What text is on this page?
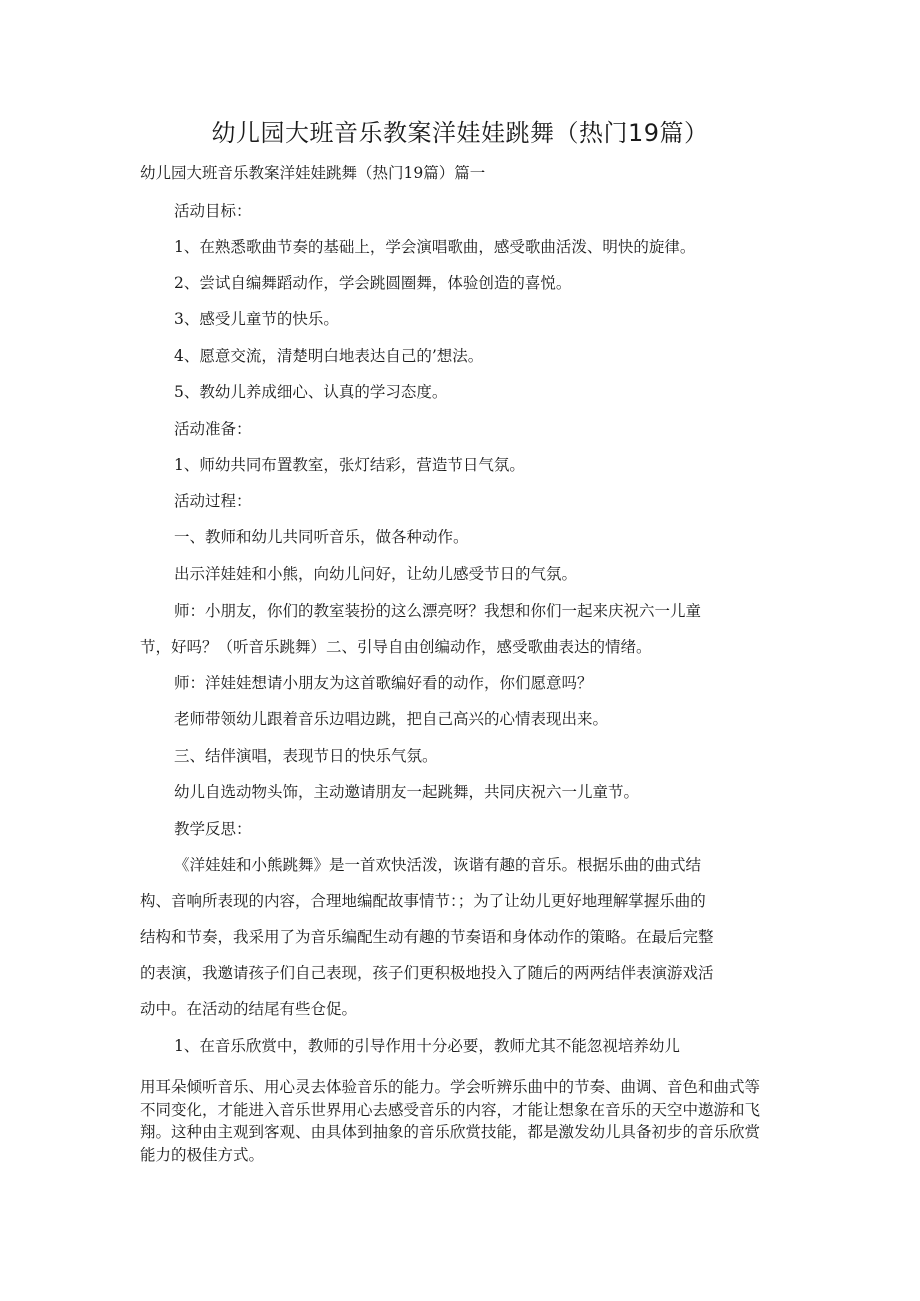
幼儿园大班音乐教案洋娃娃跳舞（热门19篇）

幼儿园大班音乐教案洋娃娃跳舞（热门19篇）篇一

活动目标：

1、在熟悉歌曲节奏的基础上，学会演唱歌曲，感受歌曲活泼、明快的旋律。

2、尝试自编舞蹈动作，学会跳圆圈舞，体验创造的喜悦。

3、感受儿童节的快乐。

4、愿意交流，清楚明白地表达自己的’想法。

5、教幼儿养成细心、认真的学习态度。

活动准备：

1、师幼共同布置教室，张灯结彩，营造节日气氛。

活动过程：

一、教师和幼儿共同听音乐，做各种动作。

出示洋娃娃和小熊，向幼儿问好，让幼儿感受节日的气氛。

师：小朋友，你们的教室装扮的这么漂亮呀？我想和你们一起来庆祝六一儿童

节，好吗？（听音乐跳舞）二、引导自由创编动作，感受歌曲表达的情绪。

师：洋娃娃想请小朋友为这首歌编好看的动作，你们愿意吗？

老师带领幼儿跟着音乐边唱边跳，把自己高兴的心情表现出来。

三、结伴演唱，表现节日的快乐气氛。

幼儿自选动物头饰，主动邀请朋友一起跳舞，共同庆祝六一儿童节。

教学反思：

《洋娃娃和小熊跳舞》是一首欢快活泼，诙谐有趣的音乐。根据乐曲的曲式结

构、音响所表现的内容，合理地编配故事情节：；为了让幼儿更好地理解掌握乐曲的

结构和节奏，我采用了为音乐编配生动有趣的节奏语和身体动作的策略。在最后完整

的表演，我邀请孩子们自己表现，孩子们更积极地投入了随后的两两结伴表演游戏活

动中。在活动的结尾有些仓促。

1、在音乐欣赏中，教师的引导作用十分必要，教师尤其不能忽视培养幼儿

用耳朵倾听音乐、用心灵去体验音乐的能力。学会听辨乐曲中的节奏、曲调、音色和曲式等不同变化，才能进入音乐世界用心去感受音乐的内容，才能让想象在音乐的天空中遨游和飞翔。这种由主观到客观、由具体到抽象的音乐欣赏技能，都是激发幼儿具备初步的音乐欣赏能力的极佳方式。
